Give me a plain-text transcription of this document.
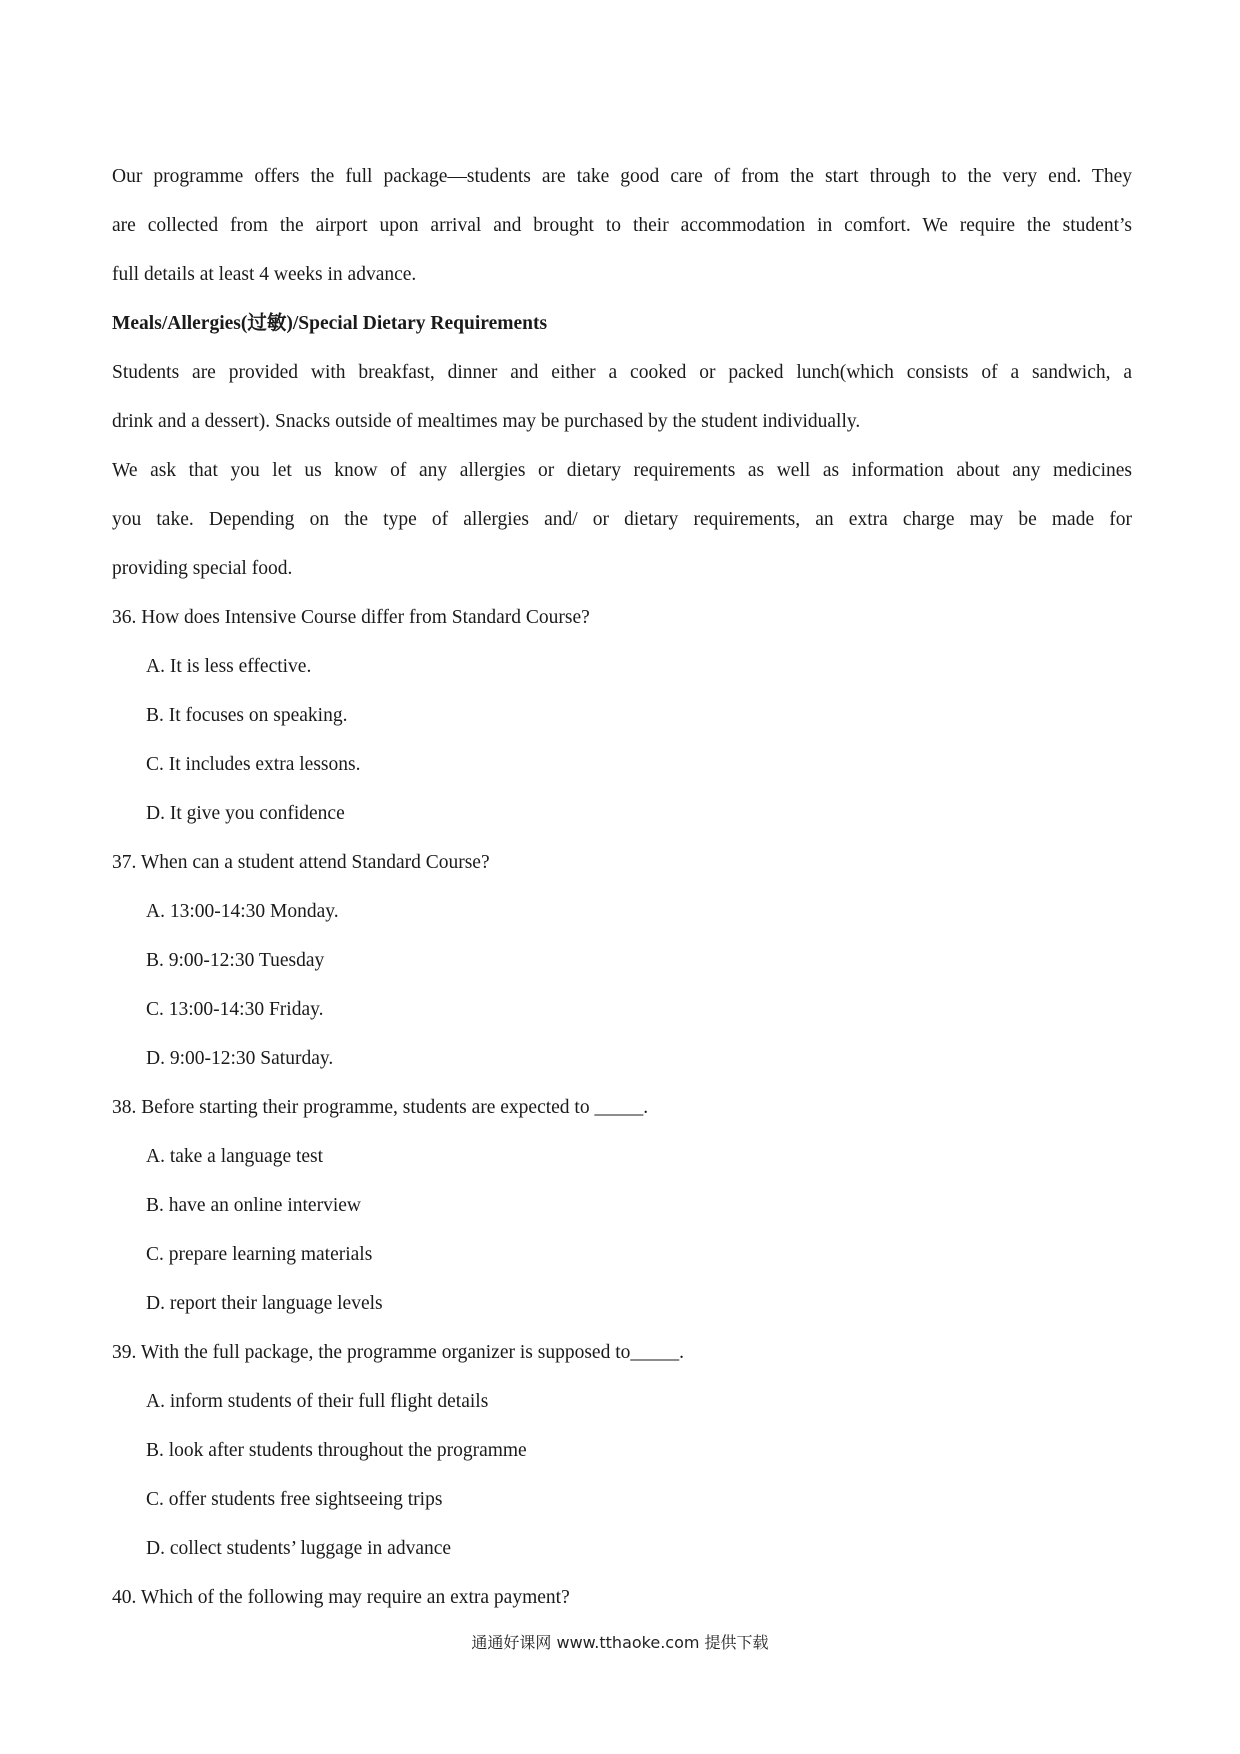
Our programme offers the full package—students are take good care of from the start through to the very end. They
are collected from the airport upon arrival and brought to their accommodation in comfort. We require the student’s
full details at least 4 weeks in advance.
Meals/Allergies(过敏)/Special Dietary Requirements
Students are provided with breakfast, dinner and either a cooked or packed lunch(which consists of a sandwich, a
drink and a dessert). Snacks outside of mealtimes may be purchased by the student individually.
We ask that you let us know of any allergies or dietary requirements as well as information about any medicines
you take. Depending on the type of allergies and/ or dietary requirements, an extra charge may be made for
providing special food.
36. How does Intensive Course differ from Standard Course?
A. It is less effective.
B. It focuses on speaking.
C. It includes extra lessons.
D. It give you confidence
37. When can a student attend Standard Course?
A. 13:00-14:30 Monday.
B. 9:00-12:30 Tuesday
C. 13:00-14:30 Friday.
D. 9:00-12:30 Saturday.
38. Before starting their programme, students are expected to _____.
A. take a language test
B. have an online interview
C. prepare learning materials
D. report their language levels
39. With the full package, the programme organizer is supposed to_____.
A. inform students of their full flight details
B. look after students throughout the programme
C. offer students free sightseeing trips
D. collect students’ luggage in advance
40. Which of the following may require an extra payment?
通通好课网 www.tthaoke.com 提供下载
